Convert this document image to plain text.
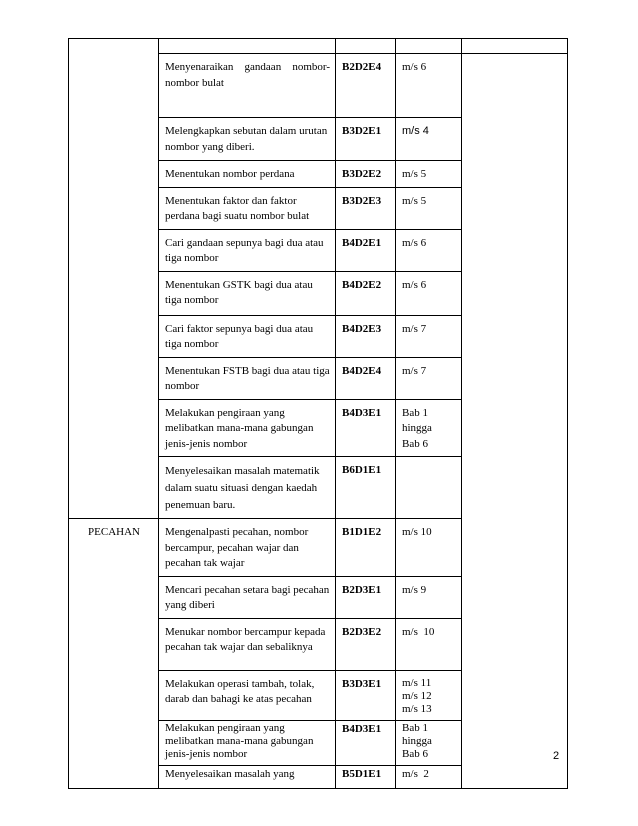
	Menyenaraikan gandaan nombor-nombor bulat	B2D2E4	m/s 6	
	Melengkapkan sebutan dalam urutan nombor yang diberi.	B3D2E1	m/s 4	
	Menentukan nombor perdana	B3D2E2	m/s 5	
	Menentukan faktor dan faktor perdana bagi suatu nombor bulat	B3D2E3	m/s 5	
	Cari gandaan sepunya bagi dua atau tiga nombor	B4D2E1	m/s 6	
	Menentukan GSTK bagi dua atau tiga nombor	B4D2E2	m/s 6	
	Cari faktor sepunya bagi dua atau tiga nombor	B4D2E3	m/s 7	
	Menentukan FSTB bagi dua atau tiga nombor	B4D2E4	m/s 7	
	Melakukan pengiraan yang melibatkan mana-mana gabungan jenis-jenis nombor	B4D3E1	Bab 1
hingga
Bab 6	
	Menyelesaikan masalah matematik dalam suatu situasi dengan kaedah penemuan baru.	B6D1E1		
PECAHAN	Mengenalpasti pecahan, nombor bercampur, pecahan wajar dan pecahan tak wajar	B1D1E2	m/s 10	
	Mencari pecahan setara bagi pecahan yang diberi	B2D3E1	m/s 9	
	Menukar nombor bercampur kepada pecahan tak wajar dan sebaliknya	B2D3E2	m/s  10	
	Melakukan operasi tambah, tolak, darab dan bahagi ke atas pecahan	B3D3E1	m/s 11
m/s 12
m/s 13	
	Melakukan pengiraan yang melibatkan mana-mana gabungan jenis-jenis nombor	B4D3E1	Bab 1
hingga
Bab 6	
	Menyelesaikan masalah yang	B5D1E1	m/s  2	
2
